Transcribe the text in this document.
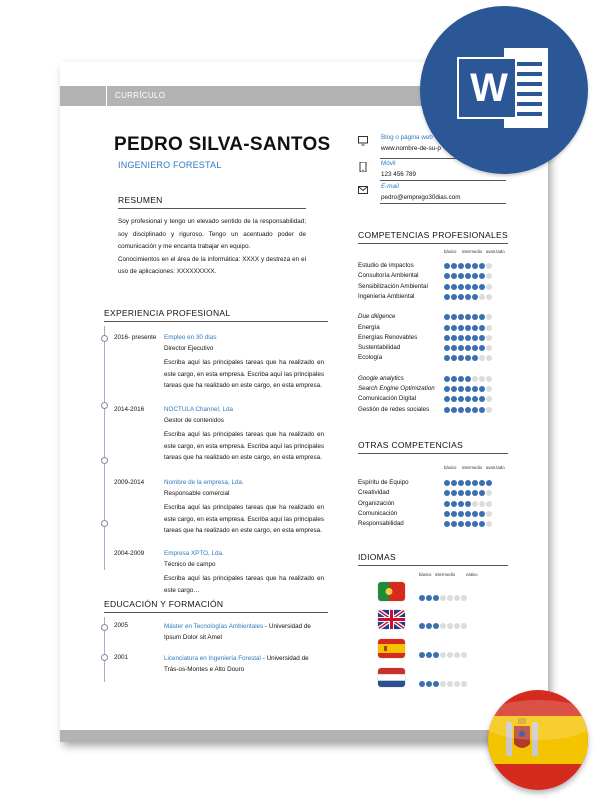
CURRÍCULO
PEDRO SILVA-SANTOS
INGENIERO FORESTAL
RESUMEN

Soy profesional y tengo un elevado sentido de la responsabilidad; soy disciplinado y riguroso. Tengo un acentuado poder de comunicación y me encanta trabajar en equipo.

Conocimientos en el área de la informática: XXXX y destreza en el uso de aplicaciones: XXXXXXXXX.

EXPERIENCIA PROFESIONAL
2016- presente	Empleo en 30 días
Director Ejecutivo
Escriba aquí las principales tareas que ha realizado en este cargo, en esta empresa. Escriba aquí las principales tareas que ha realizado en este cargo, en esta empresa.
2014-2016	NOCTULA Channel, Lda
Gestor de contenidos
Escriba aquí las principales tareas que ha realizado en este cargo, en esta empresa. Escriba aquí las principales tareas que ha realizado en este cargo, en esta empresa.
2009-2014	Nombre de la empresa, Lda.
Responsable comercial
Escriba aquí las principales tareas que ha realizado en este cargo, en esta empresa. Escriba aquí las principales tareas que ha realizado en este cargo, en esta empresa.
2004-2009	Empresa XPTO, Lda.
Técnico de campo
Escriba aquí las principales tareas que ha realizado en este cargo…
EDUCACIÓN Y FORMACIÓN
2005	Máster en Tecnologías Ambientales - Universidad de Ipsum Dolor sit Amet
2001	Licenciatura en Ingeniería Forestal - Universidad de Trás-os-Montes e Alto Douro
Blog o página web
www.nombre-de-su-p
Móvil
123 456 789
E-mail
pedro@emprego30dias.com
COMPETENCIAS PROFESIONALES
básico intermedio avanzado
Estudio de impactos
Consultoría Ambiental
Sensibilización Ambiental
Ingeniería Ambiental
Due diligence
Energía
Energías Renovables
Sustentabilidad
Ecología
Google analytics
Search Engine Optimization
Comunicación Digital
Gestión de redes sociales
OTRAS COMPETENCIAS
básico intermedio avanzado
Espíritu de Equipo
Creatividad
Organización
Comunicación
Responsabilidad
IDIOMAS
básico intermedio	nativo
W
